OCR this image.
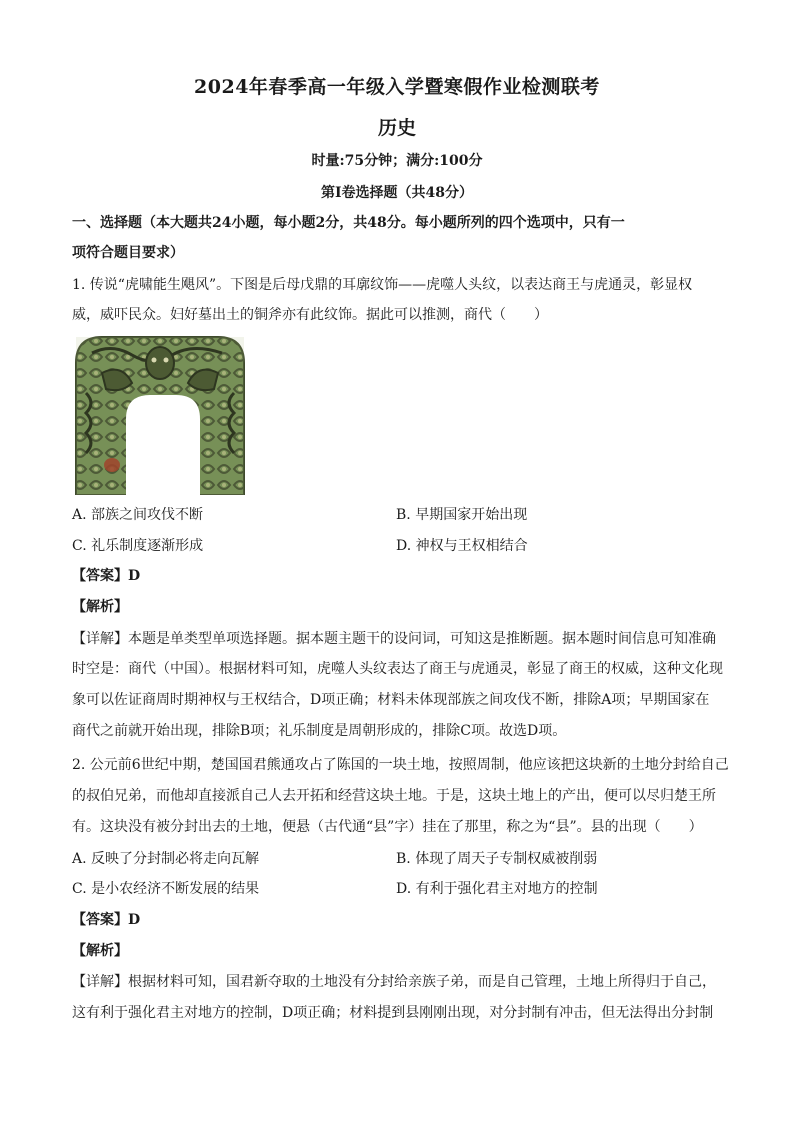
2024年春季高一年级入学暨寒假作业检测联考
历史
时量:75分钟；满分:100分
第Ⅰ卷选择题（共48分）
一、选择题（本大题共24小题，每小题2分，共48分。每小题所列的四个选项中，只有一
项符合题目要求）
1. 传说“虎啸能生飓风”。下图是后母戊鼎的耳廓纹饰——虎噬人头纹，以表达商王与虎通灵，彰显权
威，威吓民众。妇好墓出土的铜斧亦有此纹饰。据此可以推测，商代（　　）
A. 部族之间攻伐不断	B. 早期国家开始出现
C. 礼乐制度逐渐形成	D. 神权与王权相结合
【答案】D
【解析】
【详解】本题是单类型单项选择题。据本题主题干的设问词，可知这是推断题。据本题时间信息可知准确
时空是：商代（中国）。根据材料可知，虎噬人头纹表达了商王与虎通灵，彰显了商王的权威，这种文化现
象可以佐证商周时期神权与王权结合，D项正确；材料未体现部族之间攻伐不断，排除A项；早期国家在
商代之前就开始出现，排除B项；礼乐制度是周朝形成的，排除C项。故选D项。
2. 公元前6世纪中期，楚国国君熊通攻占了陈国的一块土地，按照周制，他应该把这块新的土地分封给自己
的叔伯兄弟，而他却直接派自己人去开拓和经营这块土地。于是，这块土地上的产出，便可以尽归楚王所
有。这块没有被分封出去的土地，便悬（古代通“县”字）挂在了那里，称之为“县”。县的出现（　　）
A. 反映了分封制必将走向瓦解	B. 体现了周天子专制权威被削弱
C. 是小农经济不断发展的结果	D. 有利于强化君主对地方的控制
【答案】D
【解析】
【详解】根据材料可知，国君新夺取的土地没有分封给亲族子弟，而是自己管理，土地上所得归于自己，
这有利于强化君主对地方的控制，D项正确；材料提到县刚刚出现，对分封制有冲击，但无法得出分封制
